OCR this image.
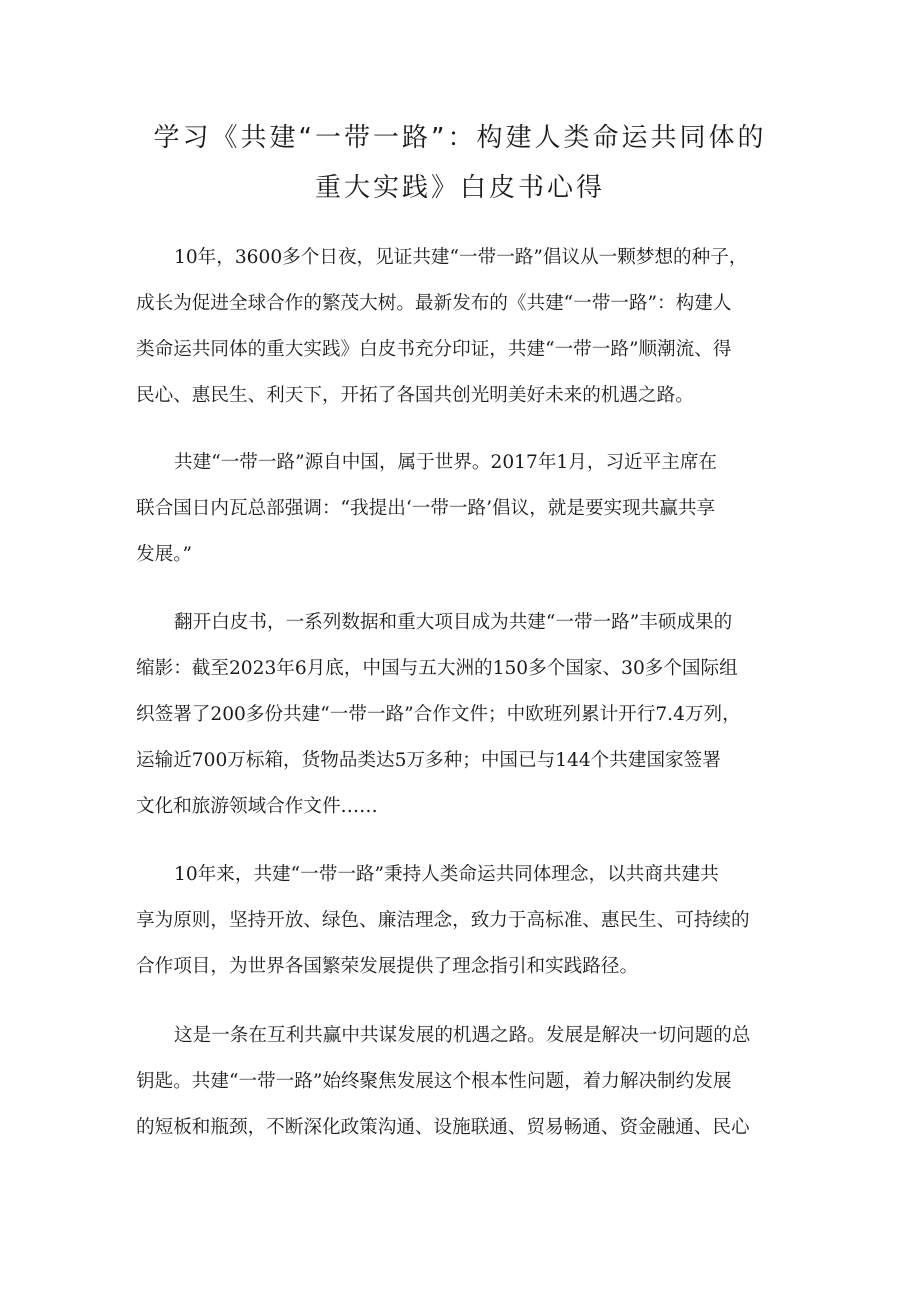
学习《共建“一带一路”：构建人类命运共同体的
重大实践》白皮书心得

10年，3600多个日夜，见证共建“一带一路”倡议从一颗梦想的种子，
成长为促进全球合作的繁茂大树。最新发布的《共建“一带一路”：构建人
类命运共同体的重大实践》白皮书充分印证，共建“一带一路”顺潮流、得
民心、惠民生、利天下，开拓了各国共创光明美好未来的机遇之路。

共建“一带一路”源自中国，属于世界。2017年1月，习近平主席在
联合国日内瓦总部强调：“我提出‘一带一路’倡议，就是要实现共赢共享
发展。”

翻开白皮书，一系列数据和重大项目成为共建“一带一路”丰硕成果的
缩影：截至2023年6月底，中国与五大洲的150多个国家、30多个国际组
织签署了200多份共建“一带一路”合作文件；中欧班列累计开行7.4万列，
运输近700万标箱，货物品类达5万多种；中国已与144个共建国家签署
文化和旅游领域合作文件……

10年来，共建“一带一路”秉持人类命运共同体理念，以共商共建共
享为原则，坚持开放、绿色、廉洁理念，致力于高标准、惠民生、可持续的
合作项目，为世界各国繁荣发展提供了理念指引和实践路径。

这是一条在互利共赢中共谋发展的机遇之路。发展是解决一切问题的总
钥匙。共建“一带一路”始终聚焦发展这个根本性问题，着力解决制约发展
的短板和瓶颈，不断深化政策沟通、设施联通、贸易畅通、资金融通、民心
